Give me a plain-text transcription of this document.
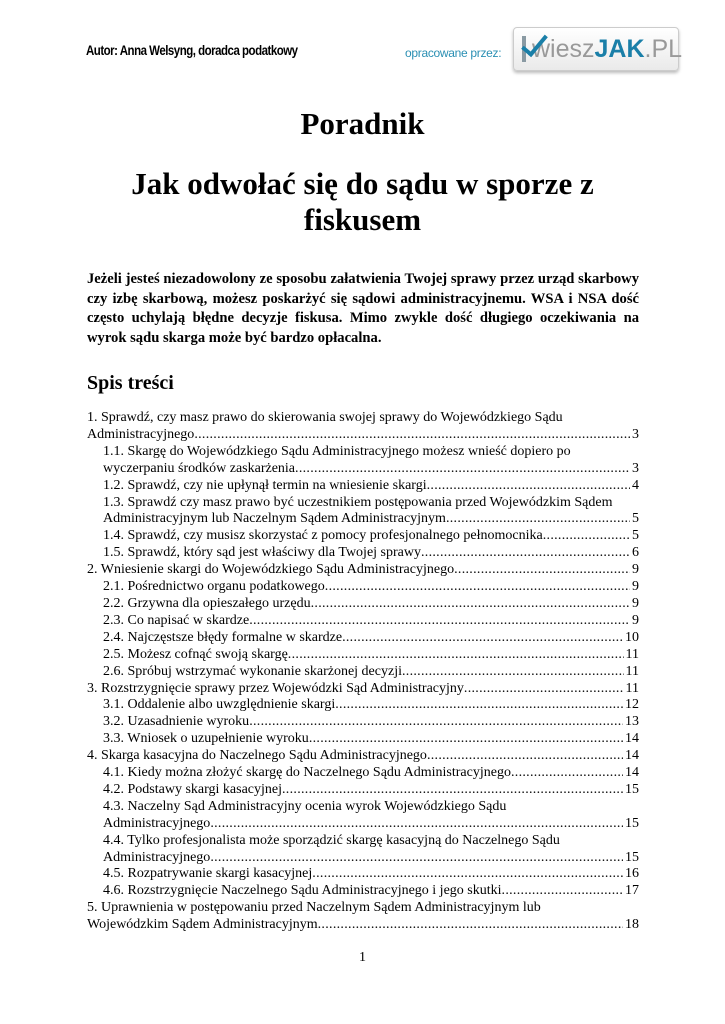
Autor: Anna Welsyng, doradca podatkowy	opracowane przez: wieszJAK.PL
Poradnik
Jak odwołać się do sądu w sporze z fiskusem
Jeżeli jesteś niezadowolony ze sposobu załatwienia Twojej sprawy przez urząd skarbowy czy izbę skarbową, możesz poskarżyć się sądowi administracyjnemu. WSA i NSA dość często uchylają błędne decyzje fiskusa. Mimo zwykle dość długiego oczekiwania na wyrok sądu skarga może być bardzo opłacalna.
Spis treści
1. Sprawdź, czy masz prawo do skierowania swojej sprawy do Wojewódzkiego Sądu
Administracyjnego .....	3
1.1. Skargę do Wojewódzkiego Sądu Administracyjnego możesz wnieść dopiero po
wyczerpaniu środków zaskarżenia .....	3
1.2. Sprawdź, czy nie upłynął termin na wniesienie skargi .....	4
1.3. Sprawdź czy masz prawo być uczestnikiem postępowania przed Wojewódzkim Sądem
Administracyjnym lub Naczelnym Sądem Administracyjnym .....	5
1.4. Sprawdź, czy musisz skorzystać z pomocy profesjonalnego pełnomocnika .....	5
1.5. Sprawdź, który sąd jest właściwy dla Twojej sprawy .....	6
2. Wniesienie skargi do Wojewódzkiego Sądu Administracyjnego .....	9
2.1. Pośrednictwo organu podatkowego .....	9
2.2. Grzywna dla opieszałego urzędu .....	9
2.3. Co napisać w skardze .....	9
2.4. Najczęstsze błędy formalne w skardze .....	10
2.5. Możesz cofnąć swoją skargę .....	11
2.6. Spróbuj wstrzymać wykonanie skarżonej decyzji .....	11
3. Rozstrzygnięcie sprawy przez Wojewódzki Sąd Administracyjny .....	11
3.1. Oddalenie albo uwzględnienie skargi .....	12
3.2. Uzasadnienie wyroku .....	13
3.3. Wniosek o uzupełnienie wyroku .....	14
4. Skarga kasacyjna do Naczelnego Sądu Administracyjnego .....	14
4.1. Kiedy można złożyć skargę do Naczelnego Sądu Administracyjnego .....	14
4.2. Podstawy skargi kasacyjnej .....	15
4.3. Naczelny Sąd Administracyjny ocenia wyrok Wojewódzkiego Sądu
Administracyjnego .....	15
4.4. Tylko profesjonalista może sporządzić skargę kasacyjną do Naczelnego Sądu
Administracyjnego .....	15
4.5. Rozpatrywanie skargi kasacyjnej .....	16
4.6. Rozstrzygnięcie Naczelnego Sądu Administracyjnego i jego skutki .....	17
5. Uprawnienia w postępowaniu przed Naczelnym Sądem Administracyjnym lub
Wojewódzkim Sądem Administracyjnym .....	18
1
